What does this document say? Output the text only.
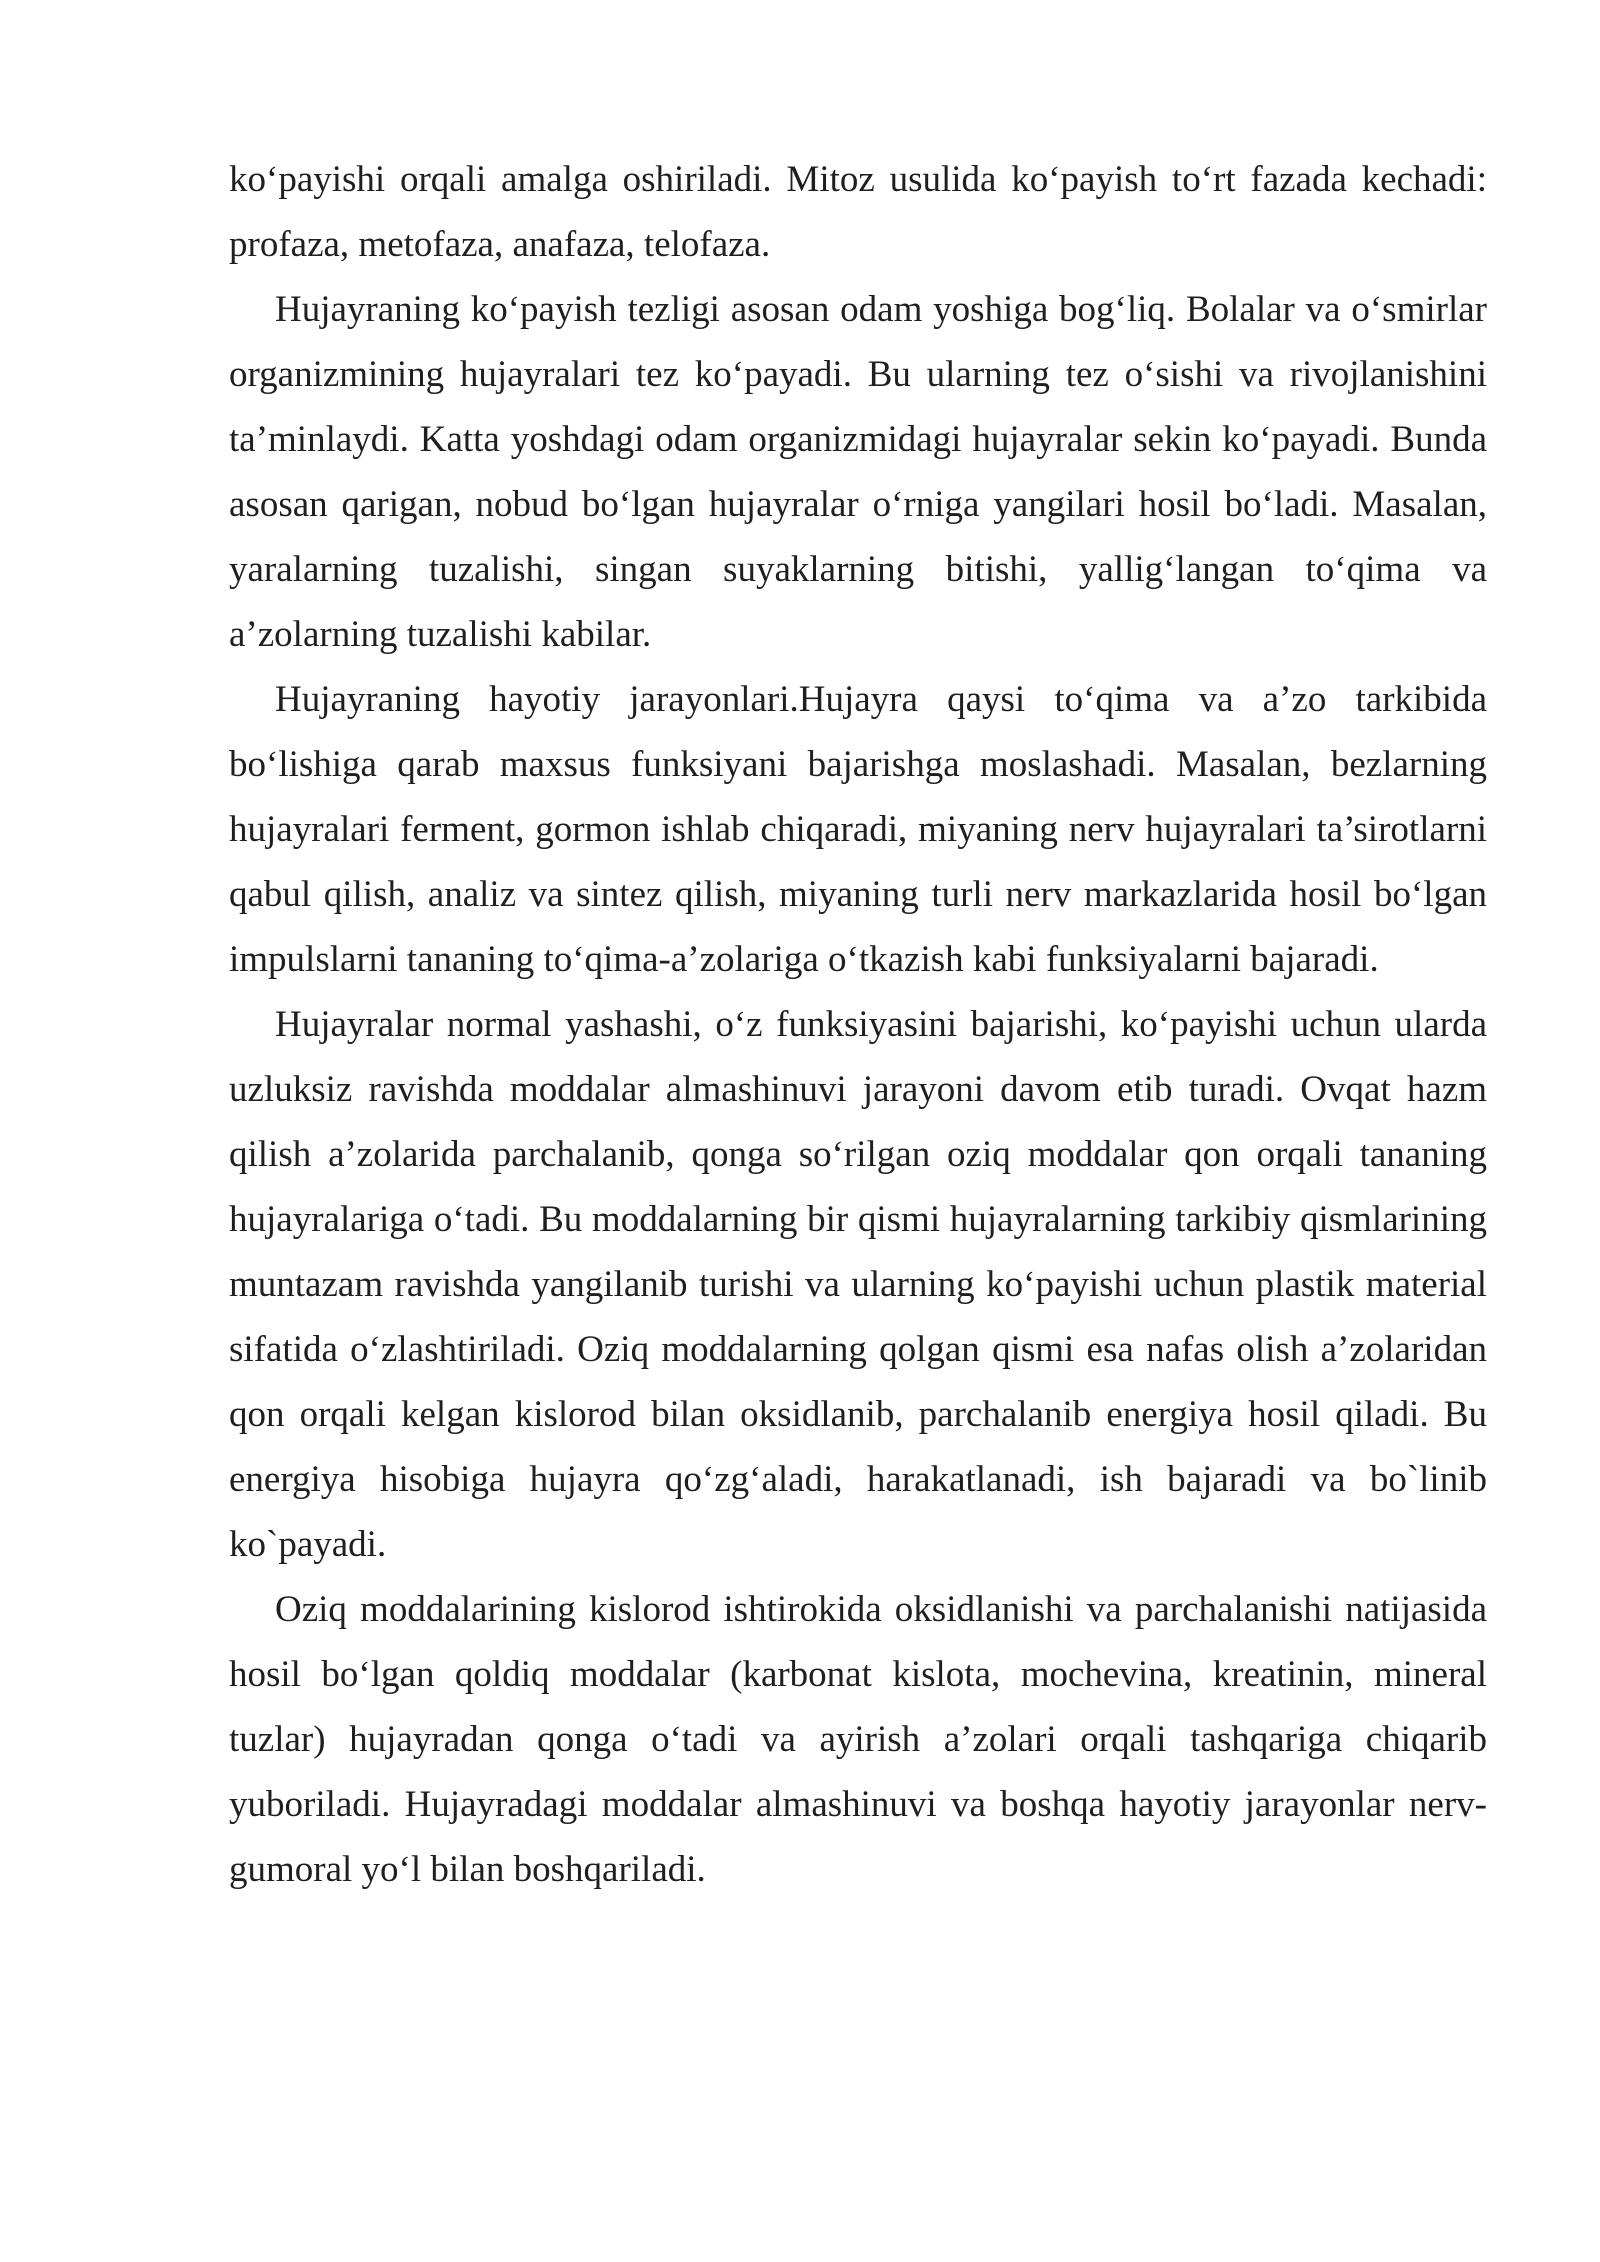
ko‘payishi orqali amalga oshiriladi. Mitoz usulida ko‘payish to‘rt fazada kechadi: profaza, metofaza, anafaza, telofaza.

Hujayraning ko‘payish tezligi asosan odam yoshiga bog‘liq. Bolalar va o‘smirlar organizmining hujayralari tez ko‘payadi. Bu ularning tez o‘sishi va rivojlanishini ta’minlaydi. Katta yoshdagi odam organizmidagi hujayralar sekin ko‘payadi. Bunda asosan qarigan, nobud bo‘lgan hujayralar o‘rniga yangilari hosil bo‘ladi. Masalan, yaralarning tuzalishi, singan suyaklarning bitishi, yallig‘langan to‘qima va a’zolarning tuzalishi kabilar.

Hujayraning hayotiy jarayonlari.Hujayra qaysi to‘qima va a’zo tarkibida bo‘lishiga qarab maxsus funksiyani bajarishga moslashadi. Masalan, bezlarning hujayralari ferment, gormon ishlab chiqaradi, miyaning nerv hujayralari ta’sirotlarni qabul qilish, analiz va sintez qilish, miyaning turli nerv markazlarida hosil bo‘lgan impulslarni tananing to‘qima-a’zolariga o‘tkazish kabi funksiyalarni bajaradi.

Hujayralar normal yashashi, o‘z funksiyasini bajarishi, ko‘payishi uchun ularda uzluksiz ravishda moddalar almashinuvi jarayoni davom etib turadi. Ovqat hazm qilish a’zolarida parchalanib, qonga so‘rilgan oziq moddalar qon orqali tananing hujayralariga o‘tadi. Bu moddalarning bir qismi hujayralarning tarkibiy qismlarining muntazam ravishda yangilanib turishi va ularning ko‘payishi uchun plastik material sifatida o‘zlashtiriladi. Oziq moddalarning qolgan qismi esa nafas olish a’zolaridan qon orqali kelgan kislorod bilan oksidlanib, parchalanib energiya hosil qiladi. Bu energiya hisobiga hujayra qo‘zg‘aladi, harakatlanadi, ish bajaradi va bo`linib ko`payadi.

Oziq moddalarining kislorod ishtirokida oksidlanishi va parchalanishi natijasida hosil bo‘lgan qoldiq moddalar (karbonat kislota, mochevina, kreatinin, mineral tuzlar) hujayradan qonga o‘tadi va ayirish a’zolari orqali tashqariga chiqarib yuboriladi. Hujayradagi moddalar almashinuvi va boshqa hayotiy jarayonlar nerv-gumoral yo‘l bilan boshqariladi.
